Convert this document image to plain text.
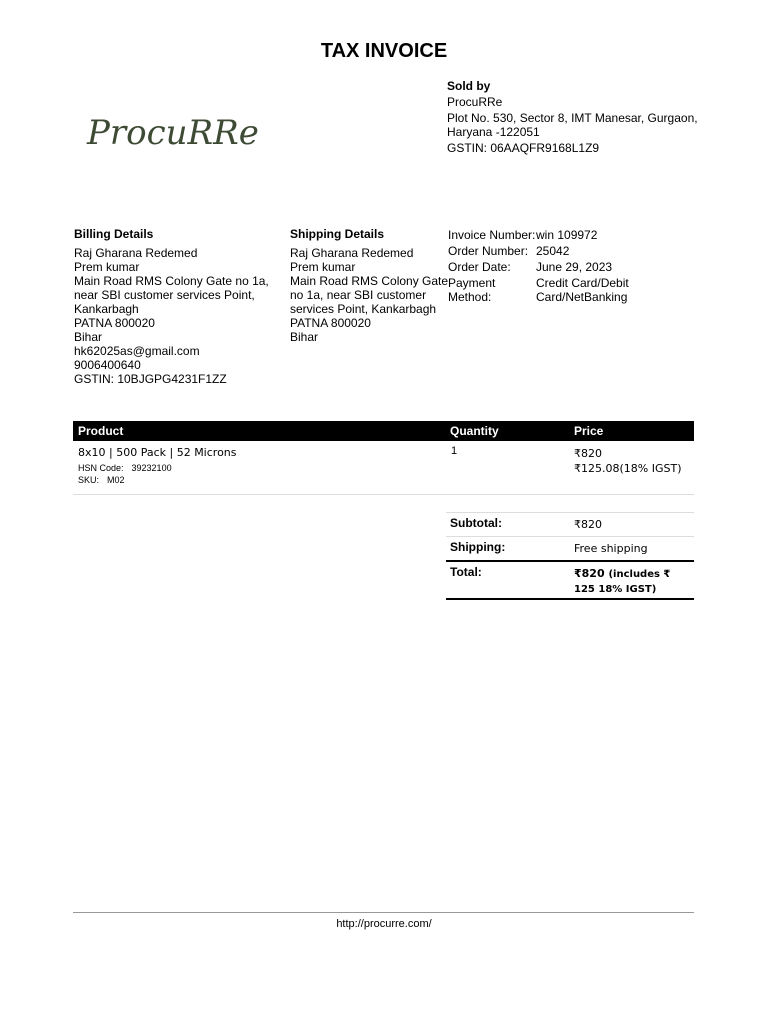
TAX INVOICE
ProcuRRe
Sold by
ProcuRRe
Plot No. 530, Sector 8, IMT Manesar, Gurgaon, Haryana -122051
GSTIN: 06AAQFR9168L1Z9
Billing Details
Raj Gharana Redemed
Prem kumar
Main Road RMS Colony Gate no 1a, near SBI customer services Point, Kankarbagh
PATNA 800020
Bihar
hk62025as@gmail.com
9006400640
GSTIN: 10BJGPG4231F1ZZ
Shipping Details
Raj Gharana Redemed
Prem kumar
Main Road RMS Colony Gate no 1a, near SBI customer services Point, Kankarbagh
PATNA 800020
Bihar
Invoice Number: win 109972
Order Number: 25042
Order Date:	June 29, 2023
Payment Method:
Credit Card/Debit Card/NetBanking
Product	Quantity	Price
8x10 | 500 Pack | 52 Microns
HSN Code: 39232100
SKU: M02
1	₹820
₹125.08(18% IGST)
Subtotal:	₹820
Shipping:	Free shipping
Total:	₹820 (includes ₹ 125 18% IGST)
http://procurre.com/
